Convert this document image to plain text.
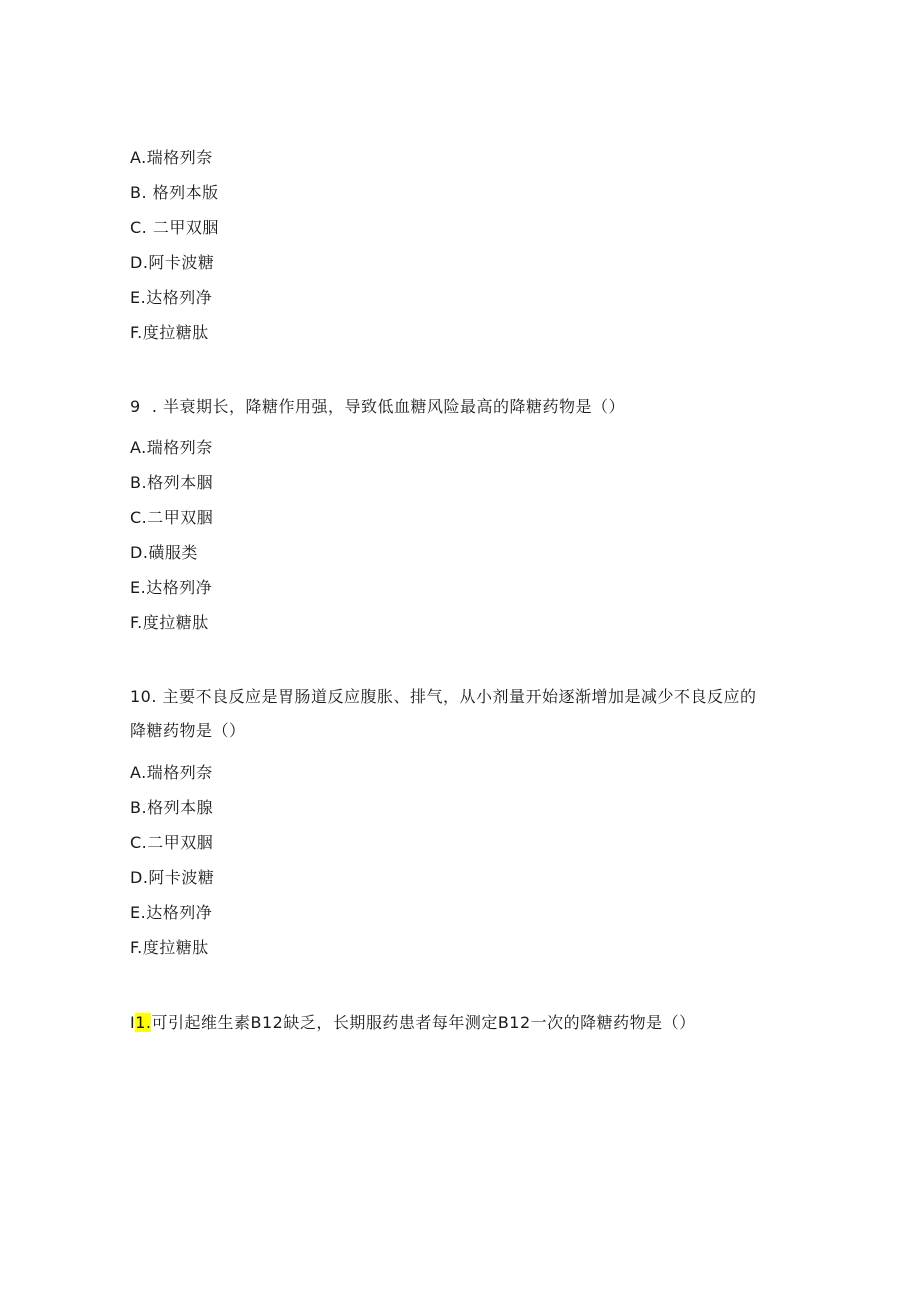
A.瑞格列奈
B. 格列本版
C. 二甲双胭
D.阿卡波糖
E.达格列净
F.度拉糖肽
9  . 半衰期长，降糖作用强，导致低血糖风险最高的降糖药物是（）
A.瑞格列奈
B.格列本胭
C.二甲双胭
D.磺服类
E.达格列净
F.度拉糖肽
10. 主要不良反应是胃肠道反应腹胀、排气，从小剂量开始逐渐增加是减少不良反应的
降糖药物是（）
A.瑞格列奈
B.格列本腺
C.二甲双胭
D.阿卡波糖
E.达格列净
F.度拉糖肽
I1.可引起维生素B12缺乏，长期服药患者每年测定B12一次的降糖药物是（）
